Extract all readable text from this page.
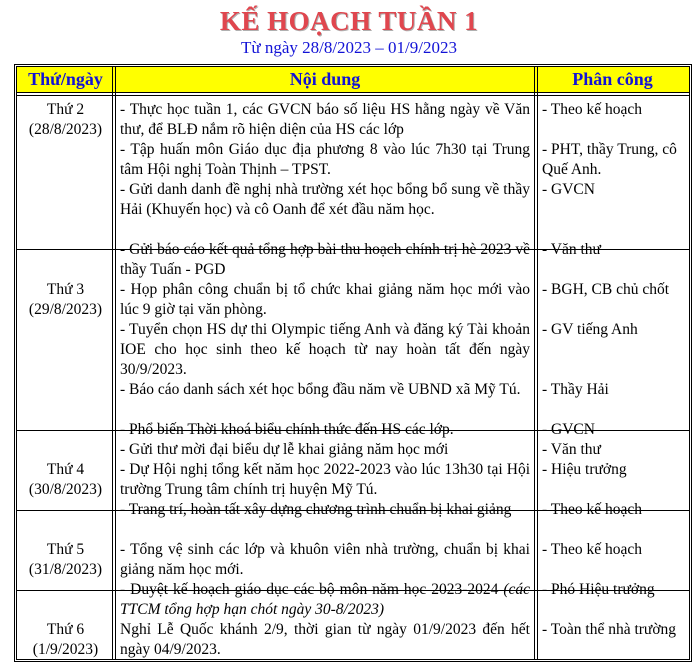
KẾ HOẠCH TUẦN 1
Từ ngày 28/8/2023 – 01/9/2023
Thứ/ngày	Nội dung	Phân công
Thứ 2
(28/8/2023)
- Thực học tuần 1, các GVCN báo số liệu HS hằng ngày về Văn thư, để BLĐ nắm rõ hiện diện của HS các lớp
- Tập huấn môn Giáo dục địa phương 8 vào lúc 7h30 tại Trung tâm Hội nghị Toàn Thịnh – TPST.
- Gửi danh danh đề nghị nhà trường xét học bổng bổ sung về thầy Hải (Khuyến học) và cô Oanh để xét đầu năm học.
- Gửi báo cáo kết quả tổng hợp bài thu hoạch chính trị hè 2023 về thầy Tuấn - PGD
- Theo kế hoạch
- PHT, thầy Trung, cô Quế Anh.
- GVCN
- Văn thư
Thứ 3
(29/8/2023)
- Họp phân công chuẩn bị tổ chức khai giảng năm học mới vào lúc 9 giờ tại văn phòng.
- Tuyển chọn HS dự thi Olympic tiếng Anh và đăng ký Tài khoản IOE cho học sinh theo kế hoạch từ nay hoàn tất đến ngày 30/9/2023.
- Báo cáo danh sách xét học bổng đầu năm về UBND xã Mỹ Tú.
- Phổ biến Thời khoá biểu chính thức đến HS các lớp.
- Gửi thư mời đại biểu dự lễ khai giảng năm học mới
- BGH, CB chủ chốt
- GV tiếng Anh
- Thầy Hải
- GVCN
- Văn thư
Thứ 4
(30/8/2023)
- Dự Hội nghị tổng kết năm học 2022-2023 vào lúc 13h30 tại Hội trường Trung tâm chính trị huyện Mỹ Tú.
- Trang trí, hoàn tất xây dựng chương trình chuẩn bị khai giảng
- Hiệu trưởng
- Theo kế hoạch
Thứ 5
(31/8/2023)
- Tổng vệ sinh các lớp và khuôn viên nhà trường, chuẩn bị khai giảng năm học mới.
- Duyệt kế hoạch giáo dục các bộ môn năm học 2023-2024 (các TTCM tổng hợp hạn chót ngày 30-8/2023)
- Theo kế hoạch
- Phó Hiệu trưởng
Thứ 6
(1/9/2023)
Nghỉ Lễ Quốc khánh 2/9, thời gian từ ngày 01/9/2023 đến hết ngày 04/9/2023.
- Toàn thể nhà trường
